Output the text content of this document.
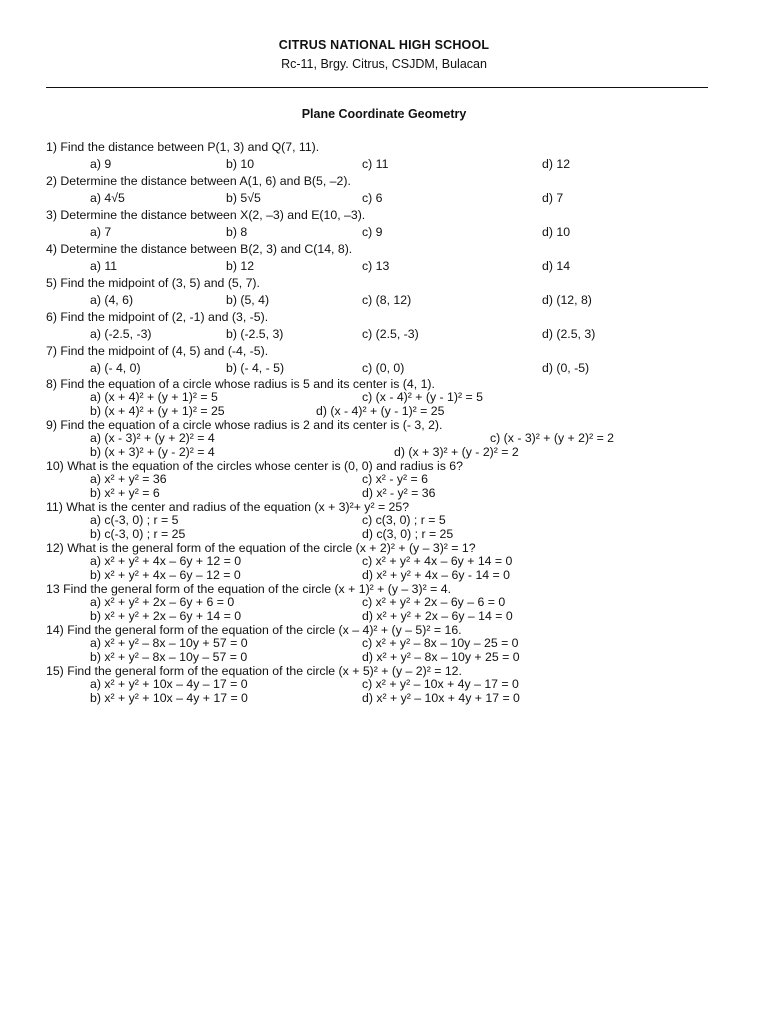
CITRUS NATIONAL HIGH SCHOOL
Rc-11, Brgy. Citrus, CSJDM, Bulacan
Plane Coordinate Geometry
1) Find the distance between P(1, 3) and Q(7, 11).
a) 9	b) 10	c) 11	d) 12
2) Determine the distance between A(1, 6) and B(5, –2).
a) 4√5	b) 5√5	c) 6	d) 7
3) Determine the distance between X(2, –3) and E(10, –3).
a) 7	b) 8	c) 9	d) 10
4) Determine the distance between B(2, 3) and C(14, 8).
a) 11	b) 12	c) 13	d) 14
5) Find the midpoint of (3, 5) and (5, 7).
a) (4, 6)	b) (5, 4)	c) (8, 12)	d) (12, 8)
6) Find the midpoint of (2, -1) and (3, -5).
a) (-2.5, -3)	b) (-2.5, 3)	c) (2.5, -3)	d) (2.5, 3)
7) Find the midpoint of (4, 5) and (-4, -5).
a) (- 4, 0)	b) (- 4, - 5)	c) (0, 0)	d) (0, -5)
8) Find the equation of a circle whose radius is 5 and its center is (4, 1).
a) (x + 4)² + (y + 1)² = 5	c) (x - 4)² + (y - 1)² = 5
b) (x + 4)² + (y + 1)² = 25	d) (x - 4)² + (y - 1)² = 25
9) Find the equation of a circle whose radius is 2 and its center is (- 3, 2).
a) (x - 3)² + (y + 2)² = 4	c) (x - 3)² + (y + 2)² = 2
b) (x + 3)² + (y - 2)² = 4	d) (x + 3)² + (y - 2)² = 2
10) What is the equation of the circles whose center is (0, 0) and radius is 6?
a) x² + y² = 36	c) x² - y² = 6
b) x² + y² = 6	d) x² - y² = 36
11) What is the center and radius of the equation (x + 3)²+ y² = 25?
a) c(-3, 0) ; r = 5	c) c(3, 0) ; r = 5
b) c(-3, 0) ; r = 25	d) c(3, 0) ; r = 25
12) What is the general form of the equation of the circle (x + 2)² + (y – 3)² = 1?
a) x² + y² + 4x – 6y + 12 = 0	c) x² + y² + 4x – 6y + 14 = 0
b) x² + y² + 4x – 6y – 12 = 0	d) x² + y² + 4x – 6y - 14 = 0
13 Find the general form of the equation of the circle (x + 1)² + (y – 3)² = 4.
a) x² + y² + 2x – 6y + 6 = 0	c) x² + y² + 2x – 6y – 6 = 0
b) x² + y² + 2x – 6y + 14 = 0	d) x² + y² + 2x – 6y – 14 = 0
14) Find the general form of the equation of the circle (x – 4)² + (y – 5)² = 16.
a) x² + y² – 8x – 10y + 57 = 0	c) x² + y² – 8x – 10y – 25 = 0
b) x² + y² – 8x – 10y – 57 = 0	d) x² + y² – 8x – 10y + 25 = 0
15) Find the general form of the equation of the circle (x + 5)² + (y – 2)² = 12.
a) x² + y² + 10x – 4y – 17 = 0	c) x² + y² – 10x + 4y – 17 = 0
b) x² + y² + 10x – 4y + 17 = 0	d) x² + y² – 10x + 4y + 17 = 0
